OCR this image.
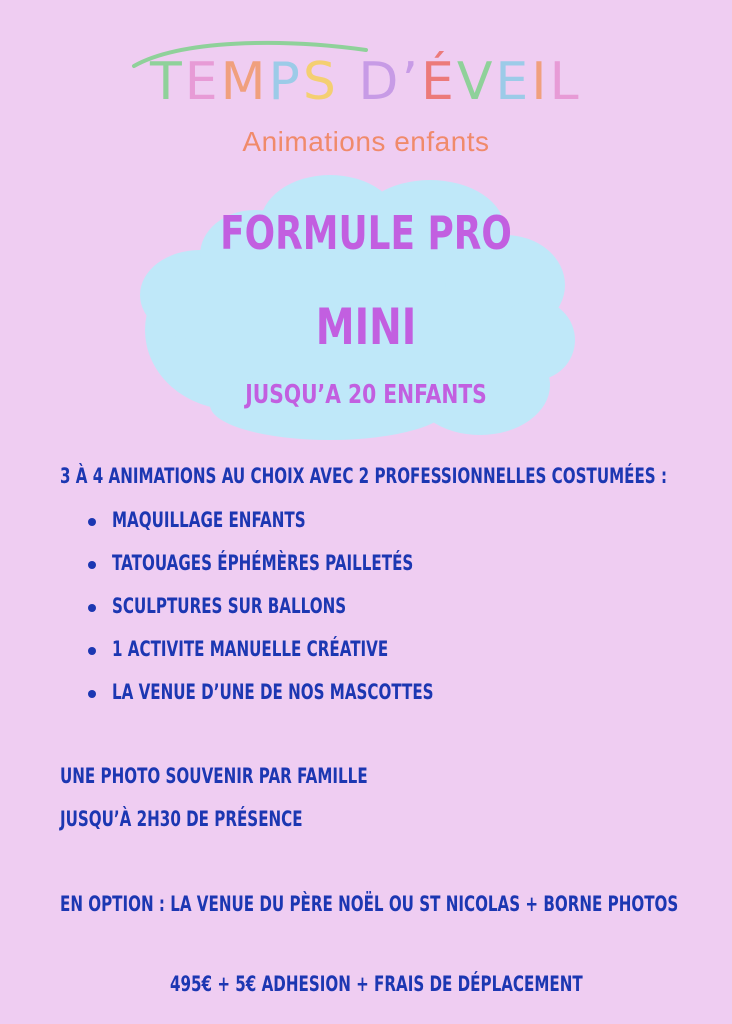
TEMPS D’ÉVEIL
Animations enfants
FORMULE PRO
MINI
JUSQU’A 20 ENFANTS
3 À 4 ANIMATIONS AU CHOIX AVEC 2 PROFESSIONNELLES COSTUMÉES :
MAQUILLAGE ENFANTS
TATOUAGES ÉPHÉMÈRES PAILLETÉS
SCULPTURES SUR BALLONS
1 ACTIVITE MANUELLE CRÉATIVE
LA VENUE D’UNE DE NOS MASCOTTES
UNE PHOTO SOUVENIR PAR FAMILLE
JUSQU’À 2H30 DE PRÉSENCE
EN OPTION : LA VENUE DU PÈRE NOËL OU ST NICOLAS + BORNE PHOTOS
495€ + 5€ ADHESION + FRAIS DE DÉPLACEMENT
